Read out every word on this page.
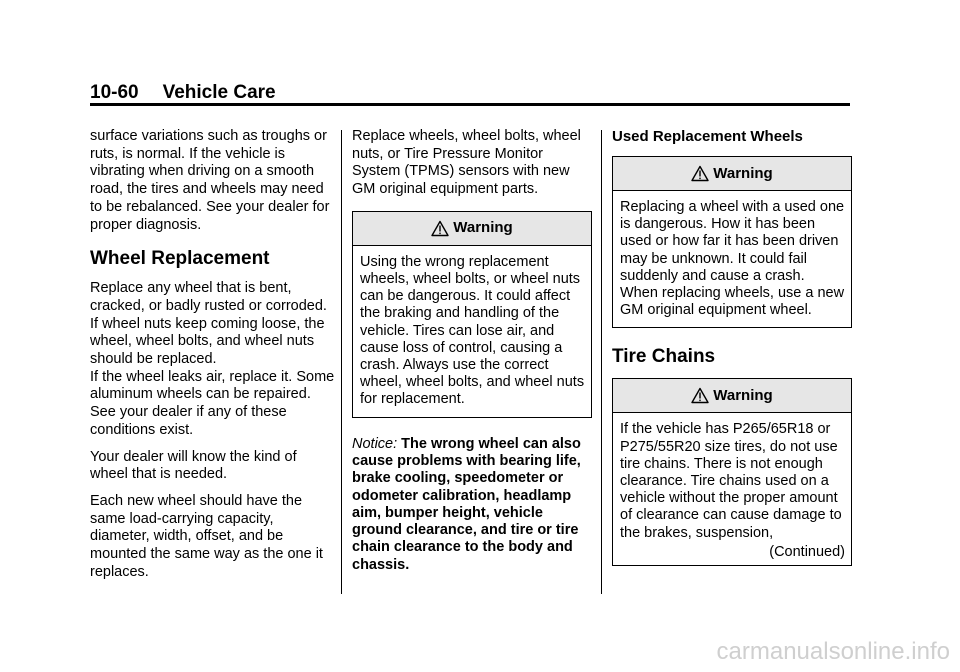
10-60 Vehicle Care

surface variations such as troughs or ruts, is normal. If the vehicle is vibrating when driving on a smooth road, the tires and wheels may need to be rebalanced. See your dealer for proper diagnosis.

Wheel Replacement

Replace any wheel that is bent, cracked, or badly rusted or corroded. If wheel nuts keep coming loose, the wheel, wheel bolts, and wheel nuts should be replaced.

If the wheel leaks air, replace it. Some aluminum wheels can be repaired. See your dealer if any of these conditions exist.

Your dealer will know the kind of wheel that is needed.

Each new wheel should have the same load-carrying capacity, diameter, width, offset, and be mounted the same way as the one it replaces.

Replace wheels, wheel bolts, wheel nuts, or Tire Pressure Monitor System (TPMS) sensors with new GM original equipment parts.

Warning
Using the wrong replacement wheels, wheel bolts, or wheel nuts can be dangerous. It could affect the braking and handling of the vehicle. Tires can lose air, and cause loss of control, causing a crash. Always use the correct wheel, wheel bolts, and wheel nuts for replacement.

Notice: The wrong wheel can also cause problems with bearing life, brake cooling, speedometer or odometer calibration, headlamp aim, bumper height, vehicle ground clearance, and tire or tire chain clearance to the body and chassis.

Used Replacement Wheels
Warning
Replacing a wheel with a used one is dangerous. How it has been used or how far it has been driven may be unknown. It could fail suddenly and cause a crash. When replacing wheels, use a new GM original equipment wheel.
Tire Chains
Warning
If the vehicle has P265/65R18 or P275/55R20 size tires, do not use tire chains. There is not enough clearance. Tire chains used on a vehicle without the proper amount of clearance can cause damage to the brakes, suspension,
(Continued)
carmanualsonline.info
